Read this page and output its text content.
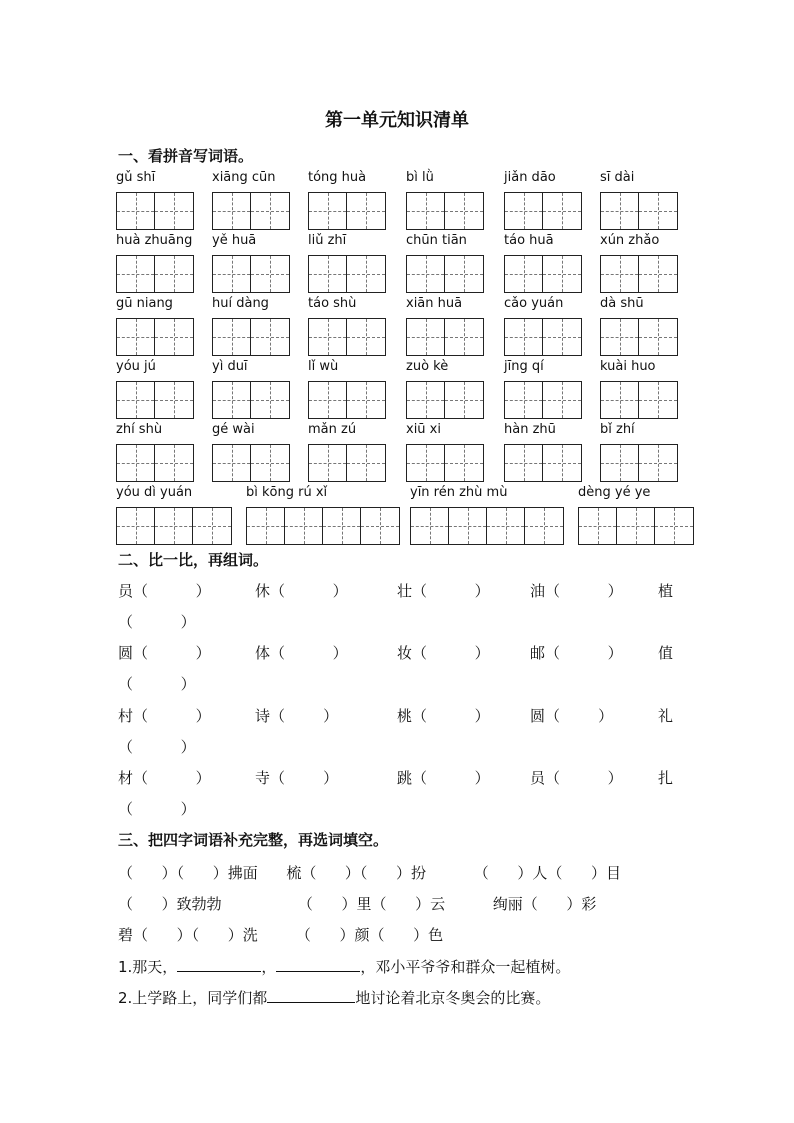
第一单元知识清单
一、看拼音写词语。
gǔ shī	xiāng cūn	tóng huà	bì lǜ	jiǎn dāo	sī dài
huà zhuāng	yě huā	liǔ zhī	chūn tiān	táo huā	xún zhǎo
gū niang	huí dàng	táo shù	xiān huā	cǎo yuán	dà shū
yóu jú	yì duī	lǐ wù	zuò kè	jīng qí	kuài huo
zhí shù	gé wài	mǎn zú	xiū xi	hàn zhū	bǐ zhí
yóu dì yuán	bì kōng rú xǐ	yīn rén zhù mù	dèng yé ye
二、比一比，再组词。
员（          ）	休（          ）	壮（          ）	油（          ） 植
（          ）
圆（          ）	体（          ）	妆（          ）	邮（          ） 值
（          ）
村（          ）	诗（        ）	桃（          ）	圆（        ）	礼
（          ）
材（          ）	寺（        ）	跳（          ）	员（          ） 扎
（          ）
三、把四字词语补充完整，再选词填空。
（      ）（      ）拂面      梳（      ）（      ）扮          （      ）人（      ）目
（      ）致勃勃                （      ）里（      ）云          绚丽（      ）彩
碧（      ）（      ）洗        （      ）颜（      ）色
1.那天，	，	，邓小平爷爷和群众一起植树。
2.上学路上，同学们都	地讨论着北京冬奥会的比赛。
